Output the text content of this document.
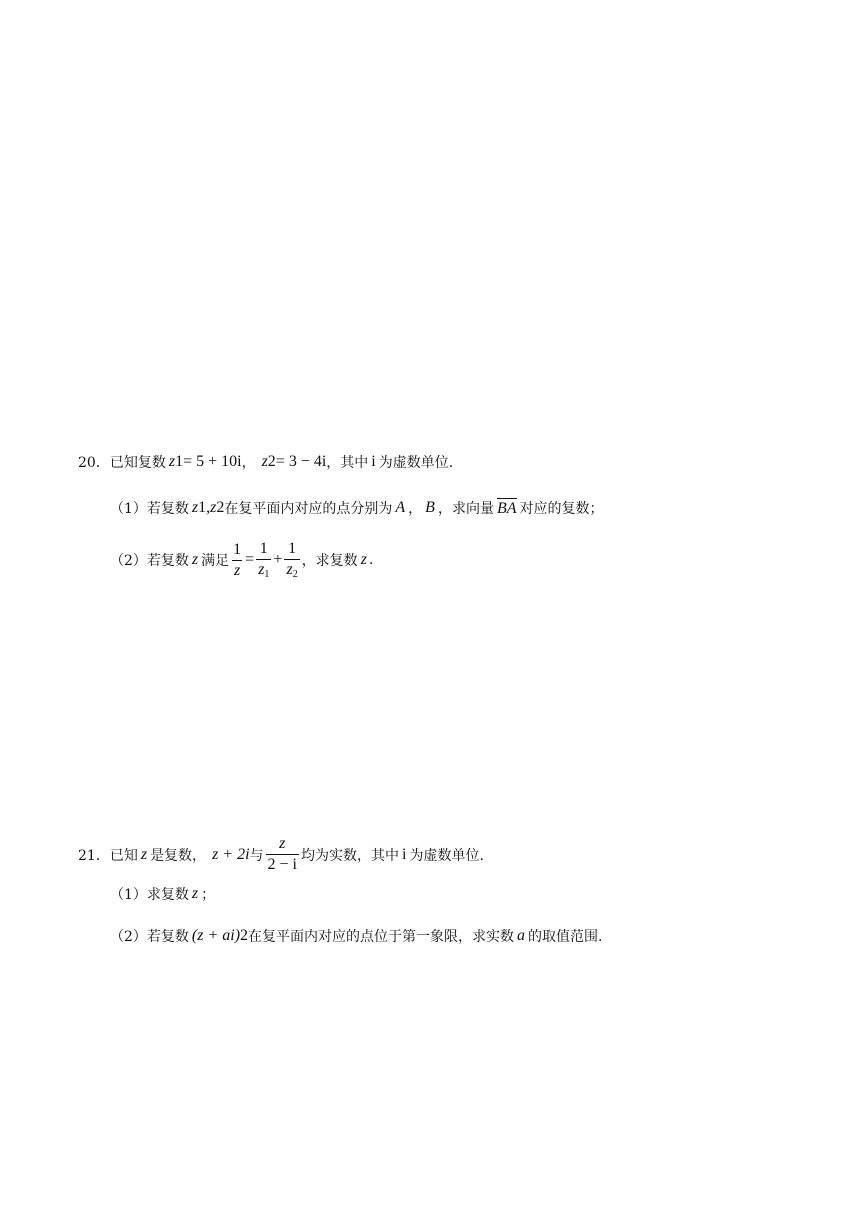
20． 已知复数 z 1 = 5 + 10i ， z 2 = 3 − 4i ，其中 i 为虚数单位.
（1）若复数 z 1 , z 2 在复平面内对应的点分别为 A ， B ，求向量 BA 对应的复数；
（2）若复数 z 满足 $\frac{1}{z} = \frac{1}{z_1} + \frac{1}{z_2}$ ，求复数 z .
21． 已知 z 是复数， z + 2i 与 $\frac{z}{2 - i}$ 均为实数，其中 i 为虚数单位.
（1）求复数 z ；
（2）若复数 (z + ai) 2 在复平面内对应的点位于第一象限，求实数 a 的取值范围.
